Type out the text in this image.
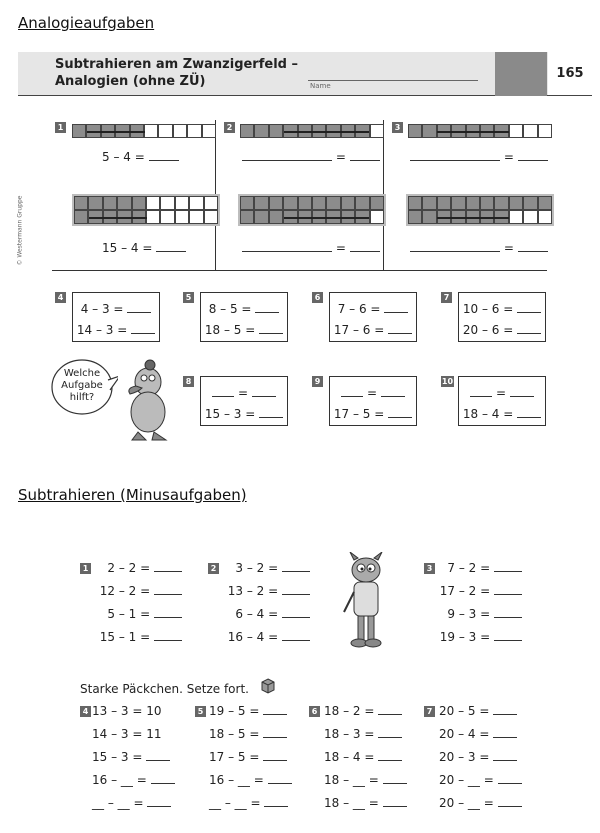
Analogieaufgaben
Subtrahieren am Zwanzigerfeld –
Analogien (ohne ZÜ)	Name
165
© Westermann Gruppe
1
5 – 4 =
15 – 4 =
2
=
=
3
=
=
4
4 – 3 =
14 – 3 =
5
8 – 5 =
18 – 5 =
6
7 – 6 =
17 – 6 =
7
10 – 6 =
20 – 6 =
Welche
Aufgabe
hilft?
8
=
15 – 3 =
9
=
17 – 5 =
10
=
18 – 4 =
Subtrahieren (Minusaufgaben)
1	2 – 2 =
12 – 2 =
5 – 1 =
15 – 1 =
2	3 – 2 =
13 – 2 =
6 – 4 =
16 – 4 =
3	7 – 2 =
17 – 2 =
9 – 3 =
19 – 3 =
Starke Päckchen. Setze fort.
4 13 – 3 = 10
14 – 3 = 11
15 – 3 =
16 – __ =
__ – __ =
5 19 – 5 =
18 – 5 =
17 – 5 =
16 – __ =
__ – __ =
6 18 – 2 =
18 – 3 =
18 – 4 =
18 – __ =
18 – __ =
7 20 – 5 =
20 – 4 =
20 – 3 =
20 – __ =
20 – __ =
